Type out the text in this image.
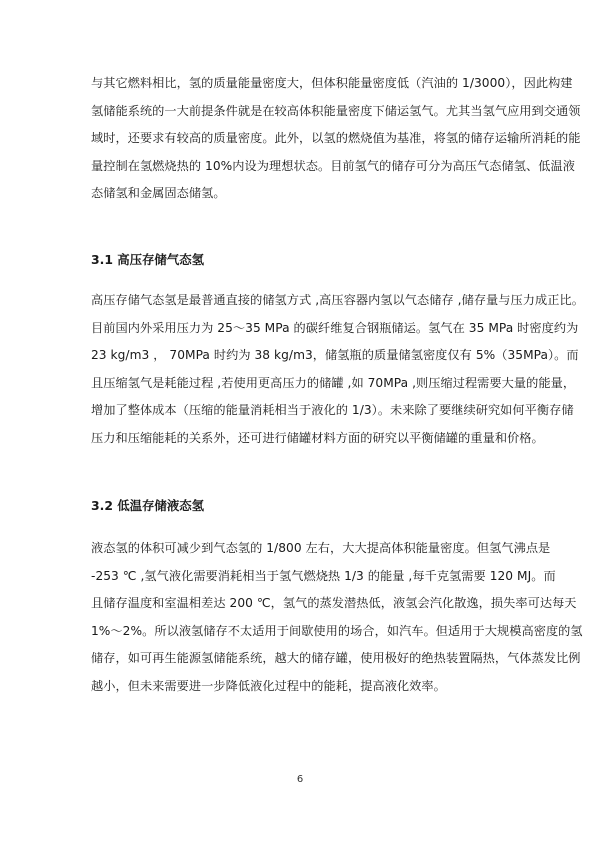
与其它燃料相比，氢的质量能量密度大，但体积能量密度低（汽油的 1/3000），因此构建
氢储能系统的一大前提条件就是在较高体积能量密度下储运氢气。尤其当氢气应用到交通领
域时，还要求有较高的质量密度。此外，以氢的燃烧值为基准，将氢的储存运输所消耗的能
量控制在氢燃烧热的 10%内设为理想状态。目前氢气的储存可分为高压气态储氢、低温液
态储氢和金属固态储氢。
3.1 高压存储气态氢
高压存储气态氢是最普通直接的储氢方式 ,高压容器内氢以气态储存 ,储存量与压力成正比。
目前国内外采用压力为 25～35 MPa 的碳纤维复合钢瓶储运。氢气在 35 MPa 时密度约为
23 kg/m3 ， 70MPa 时约为 38 kg/m3，储氢瓶的质量储氢密度仅有 5%（35MPa）。而
且压缩氢气是耗能过程 ,若使用更高压力的储罐 ,如 70MPa ,则压缩过程需要大量的能量，
增加了整体成本（压缩的能量消耗相当于液化的 1/3）。未来除了要继续研究如何平衡存储
压力和压缩能耗的关系外，还可进行储罐材料方面的研究以平衡储罐的重量和价格。
3.2 低温存储液态氢
液态氢的体积可减少到气态氢的 1/800 左右，大大提高体积能量密度。但氢气沸点是
-253 ℃ ,氢气液化需要消耗相当于氢气燃烧热 1/3 的能量 ,每千克氢需要 120 MJ。而
且储存温度和室温相差达 200 ℃，氢气的蒸发潜热低，液氢会汽化散逸，损失率可达每天
1%～2%。所以液氢储存不太适用于间歇使用的场合，如汽车。但适用于大规模高密度的氢
储存，如可再生能源氢储能系统，越大的储存罐，使用极好的绝热装置隔热，气体蒸发比例
越小，但未来需要进一步降低液化过程中的能耗，提高液化效率。
6
